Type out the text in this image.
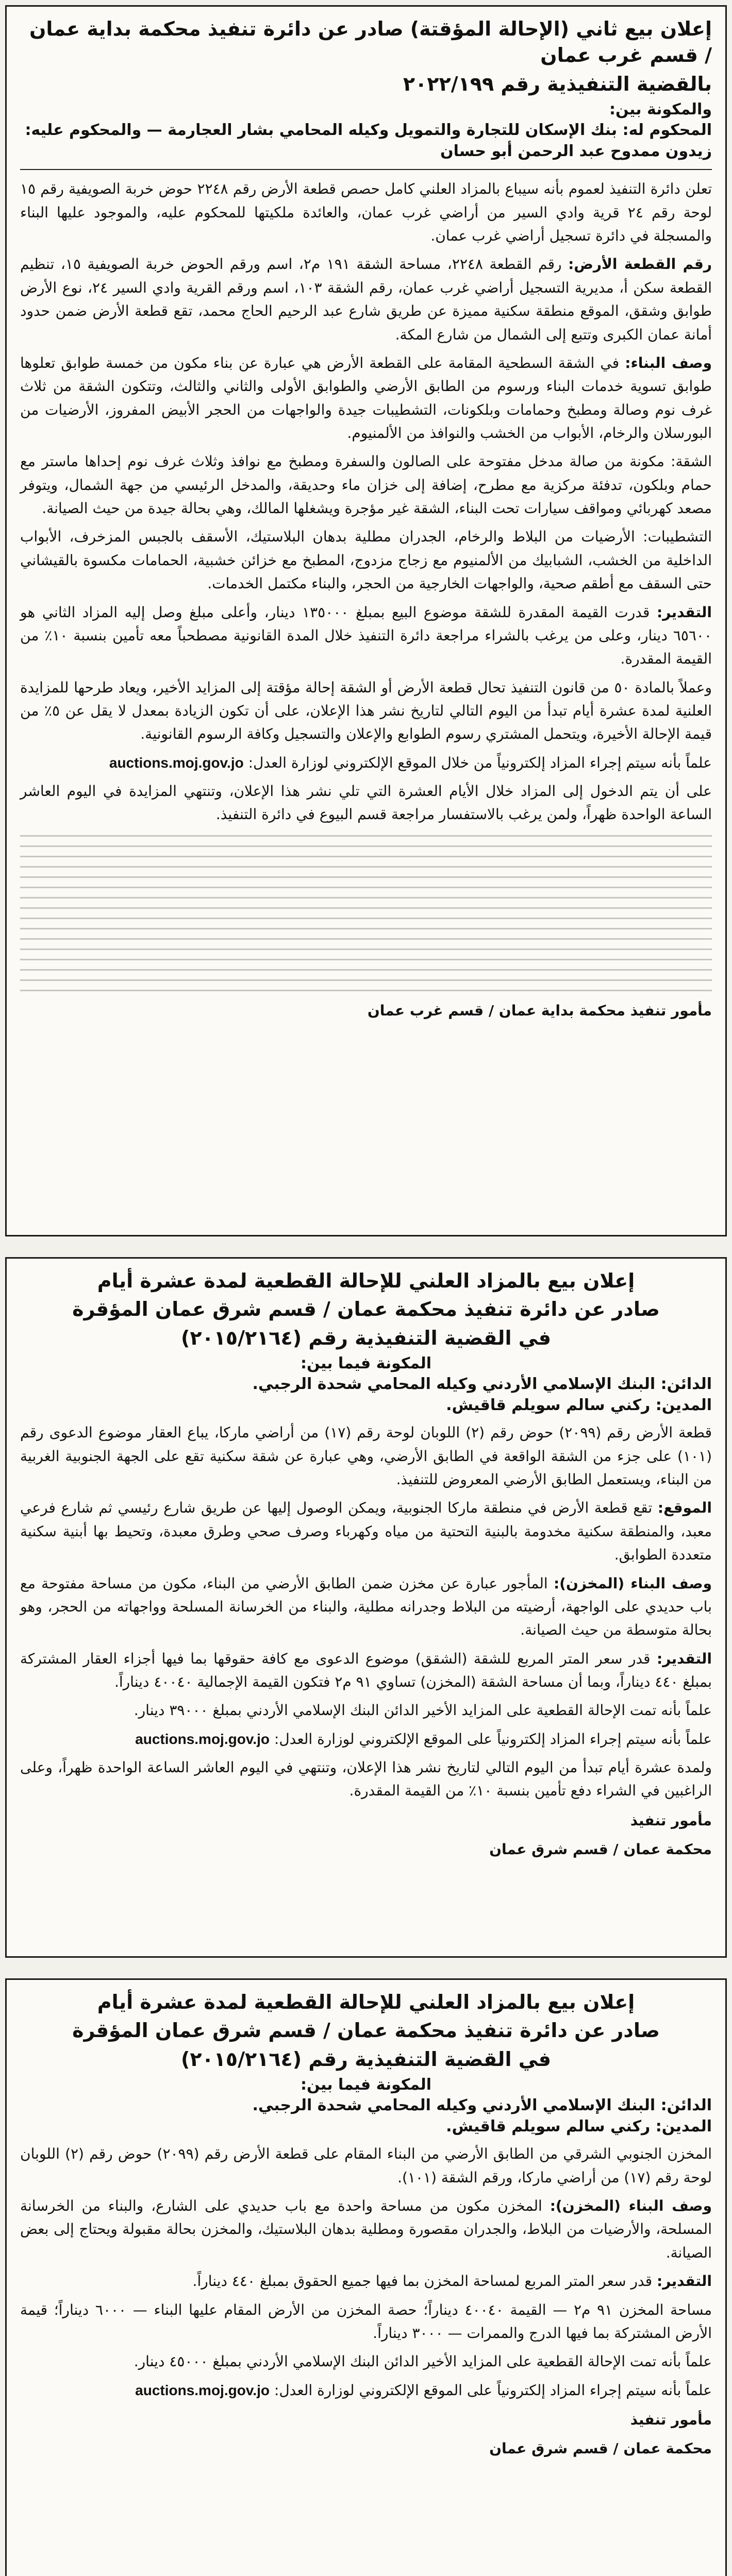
إعلان بيع ثاني (الإحالة المؤقتة) صادر عن دائرة تنفيذ محكمة بداية عمان / قسم غرب عمان
بالقضية التنفيذية رقم ٢٠٢٢/١٩٩
والمكونة بين:
المحكوم له: بنك الإسكان للتجارة والتمويل وكيله المحامي بشار العجارمة — والمحكوم عليه: زيدون ممدوح عبد الرحمن أبو حسان

تعلن دائرة التنفيذ لعموم بأنه سيباع بالمزاد العلني كامل حصص قطعة الأرض رقم ٢٢٤٨ حوض خربة الصويفية رقم ١٥ لوحة رقم ٢٤ قرية وادي السير من أراضي غرب عمان، والعائدة ملكيتها للمحكوم عليه، والموجود عليها البناء والمسجلة في دائرة تسجيل أراضي غرب عمان.

رقم القطعة الأرض: رقم القطعة ٢٢٤٨، مساحة الشقة ١٩١ م٢، اسم ورقم الحوض خربة الصويفية ١٥، تنظيم القطعة سكن أ، مديرية التسجيل أراضي غرب عمان، رقم الشقة ١٠٣، اسم ورقم القرية وادي السير ٢٤، نوع الأرض طوابق وشقق، الموقع منطقة سكنية مميزة عن طريق شارع عبد الرحيم الحاج محمد، تقع قطعة الأرض ضمن حدود أمانة عمان الكبرى وتتبع إلى الشمال من شارع المكة.

وصف البناء: في الشقة السطحية المقامة على القطعة الأرض هي عبارة عن بناء مكون من خمسة طوابق تعلوها طوابق تسوية خدمات البناء ورسوم من الطابق الأرضي والطوابق الأولى والثاني والثالث، وتتكون الشقة من ثلاث غرف نوم وصالة ومطبخ وحمامات وبلكونات، التشطيبات جيدة والواجهات من الحجر الأبيض المفروز، الأرضيات من البورسلان والرخام، الأبواب من الخشب والنوافذ من الألمنيوم.

الشقة: مكونة من صالة مدخل مفتوحة على الصالون والسفرة ومطبخ مع نوافذ وثلاث غرف نوم إحداها ماستر مع حمام وبلكون، تدفئة مركزية مع مطرح، إضافة إلى خزان ماء وحديقة، والمدخل الرئيسي من جهة الشمال، ويتوفر مصعد كهربائي ومواقف سيارات تحت البناء، الشقة غير مؤجرة ويشغلها المالك، وهي بحالة جيدة من حيث الصيانة.

التشطيبات: الأرضيات من البلاط والرخام، الجدران مطلية بدهان البلاستيك، الأسقف بالجبس المزخرف، الأبواب الداخلية من الخشب، الشبابيك من الألمنيوم مع زجاج مزدوج، المطبخ مع خزائن خشبية، الحمامات مكسوة بالقيشاني حتى السقف مع أطقم صحية، والواجهات الخارجية من الحجر، والبناء مكتمل الخدمات.

التقدير: قدرت القيمة المقدرة للشقة موضوع البيع بمبلغ ١٣٥٠٠٠ دينار، وأعلى مبلغ وصل إليه المزاد الثاني هو ٦٥٦٠٠ دينار، وعلى من يرغب بالشراء مراجعة دائرة التنفيذ خلال المدة القانونية مصطحباً معه تأمين بنسبة ١٠٪ من القيمة المقدرة.

وعملاً بالمادة ٥٠ من قانون التنفيذ تحال قطعة الأرض أو الشقة إحالة مؤقتة إلى المزايد الأخير، ويعاد طرحها للمزايدة العلنية لمدة عشرة أيام تبدأ من اليوم التالي لتاريخ نشر هذا الإعلان، على أن تكون الزيادة بمعدل لا يقل عن ٥٪ من قيمة الإحالة الأخيرة، ويتحمل المشتري رسوم الطوابع والإعلان والتسجيل وكافة الرسوم القانونية.

علماً بأنه سيتم إجراء المزاد إلكترونياً من خلال الموقع الإلكتروني لوزارة العدل: auctions.moj.gov.jo

على أن يتم الدخول إلى المزاد خلال الأيام العشرة التي تلي نشر هذا الإعلان، وتنتهي المزايدة في اليوم العاشر الساعة الواحدة ظهراً، ولمن يرغب بالاستفسار مراجعة قسم البيوع في دائرة التنفيذ.

مأمور تنفيذ محكمة بداية عمان / قسم غرب عمان
إعلان بيع بالمزاد العلني للإحالة القطعية لمدة عشرة أيام
صادر عن دائرة تنفيذ محكمة عمان / قسم شرق عمان المؤقرة
في القضية التنفيذية رقم (٢٠١٥/٢١٦٤)
المكونة فيما بين:
الدائن: البنك الإسلامي الأردني وكيله المحامي شحدة الرجبي.
المدين: ركني سالم سويلم قاقيش.

قطعة الأرض رقم (٢٠٩٩) حوض رقم (٢) اللوبان لوحة رقم (١٧) من أراضي ماركا، يباع العقار موضوع الدعوى رقم (١٠١) على جزء من الشقة الواقعة في الطابق الأرضي، وهي عبارة عن شقة سكنية تقع على الجهة الجنوبية الغربية من البناء، ويستعمل الطابق الأرضي المعروض للتنفيذ.

الموقع: تقع قطعة الأرض في منطقة ماركا الجنوبية، ويمكن الوصول إليها عن طريق شارع رئيسي ثم شارع فرعي معبد، والمنطقة سكنية مخدومة بالبنية التحتية من مياه وكهرباء وصرف صحي وطرق معبدة، وتحيط بها أبنية سكنية متعددة الطوابق.

وصف البناء (المخزن): المأجور عبارة عن مخزن ضمن الطابق الأرضي من البناء، مكون من مساحة مفتوحة مع باب حديدي على الواجهة، أرضيته من البلاط وجدرانه مطلية، والبناء من الخرسانة المسلحة وواجهاته من الحجر، وهو بحالة متوسطة من حيث الصيانة.

التقدير: قدر سعر المتر المربع للشقة (الشقق) موضوع الدعوى مع كافة حقوقها بما فيها أجزاء العقار المشتركة بمبلغ ٤٤٠ ديناراً، وبما أن مساحة الشقة (المخزن) تساوي ٩١ م٢ فتكون القيمة الإجمالية ٤٠٠٤٠ ديناراً.

علماً بأنه تمت الإحالة القطعية على المزايد الأخير الدائن البنك الإسلامي الأردني بمبلغ ٣٩٠٠٠ دينار.

علماً بأنه سيتم إجراء المزاد إلكترونياً على الموقع الإلكتروني لوزارة العدل: auctions.moj.gov.jo

ولمدة عشرة أيام تبدأ من اليوم التالي لتاريخ نشر هذا الإعلان، وتنتهي في اليوم العاشر الساعة الواحدة ظهراً، وعلى الراغبين في الشراء دفع تأمين بنسبة ١٠٪ من القيمة المقدرة.

مأمور تنفيذ
محكمة عمان / قسم شرق عمان
إعلان بيع بالمزاد العلني للإحالة القطعية لمدة عشرة أيام
صادر عن دائرة تنفيذ محكمة عمان / قسم شرق عمان المؤقرة
في القضية التنفيذية رقم (٢٠١٥/٢١٦٤)
المكونة فيما بين:
الدائن: البنك الإسلامي الأردني وكيله المحامي شحدة الرجبي.
المدين: ركني سالم سويلم قاقيش.

المخزن الجنوبي الشرقي من الطابق الأرضي من البناء المقام على قطعة الأرض رقم (٢٠٩٩) حوض رقم (٢) اللوبان لوحة رقم (١٧) من أراضي ماركا، ورقم الشقة (١٠١).

وصف البناء (المخزن): المخزن مكون من مساحة واحدة مع باب حديدي على الشارع، والبناء من الخرسانة المسلحة، والأرضيات من البلاط، والجدران مقصورة ومطلية بدهان البلاستيك، والمخزن بحالة مقبولة ويحتاج إلى بعض الصيانة.

التقدير: قدر سعر المتر المربع لمساحة المخزن بما فيها جميع الحقوق بمبلغ ٤٤٠ ديناراً.

مساحة المخزن ٩١ م٢ — القيمة ٤٠٠٤٠ ديناراً؛ حصة المخزن من الأرض المقام عليها البناء — ٦٠٠٠ ديناراً؛ قيمة الأرض المشتركة بما فيها الدرج والممرات — ٣٠٠٠ ديناراً.

علماً بأنه تمت الإحالة القطعية على المزايد الأخير الدائن البنك الإسلامي الأردني بمبلغ ٤٥٠٠٠ دينار.

علماً بأنه سيتم إجراء المزاد إلكترونياً على الموقع الإلكتروني لوزارة العدل: auctions.moj.gov.jo

مأمور تنفيذ
محكمة عمان / قسم شرق عمان
